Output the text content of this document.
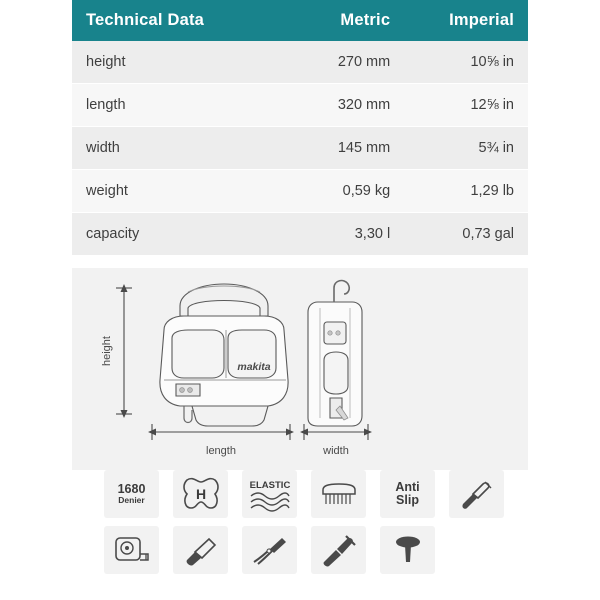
Technical Data	Metric	Imperial
height	270 mm	10⅝ in
length	320 mm	12⅝ in
width	145 mm	5¾ in
weight	0,59 kg	1,29 lb
capacity	3,30 l	0,73 gal
height
makita
length	width
1680
Denier	H
ELASTIC	Anti
Slip
